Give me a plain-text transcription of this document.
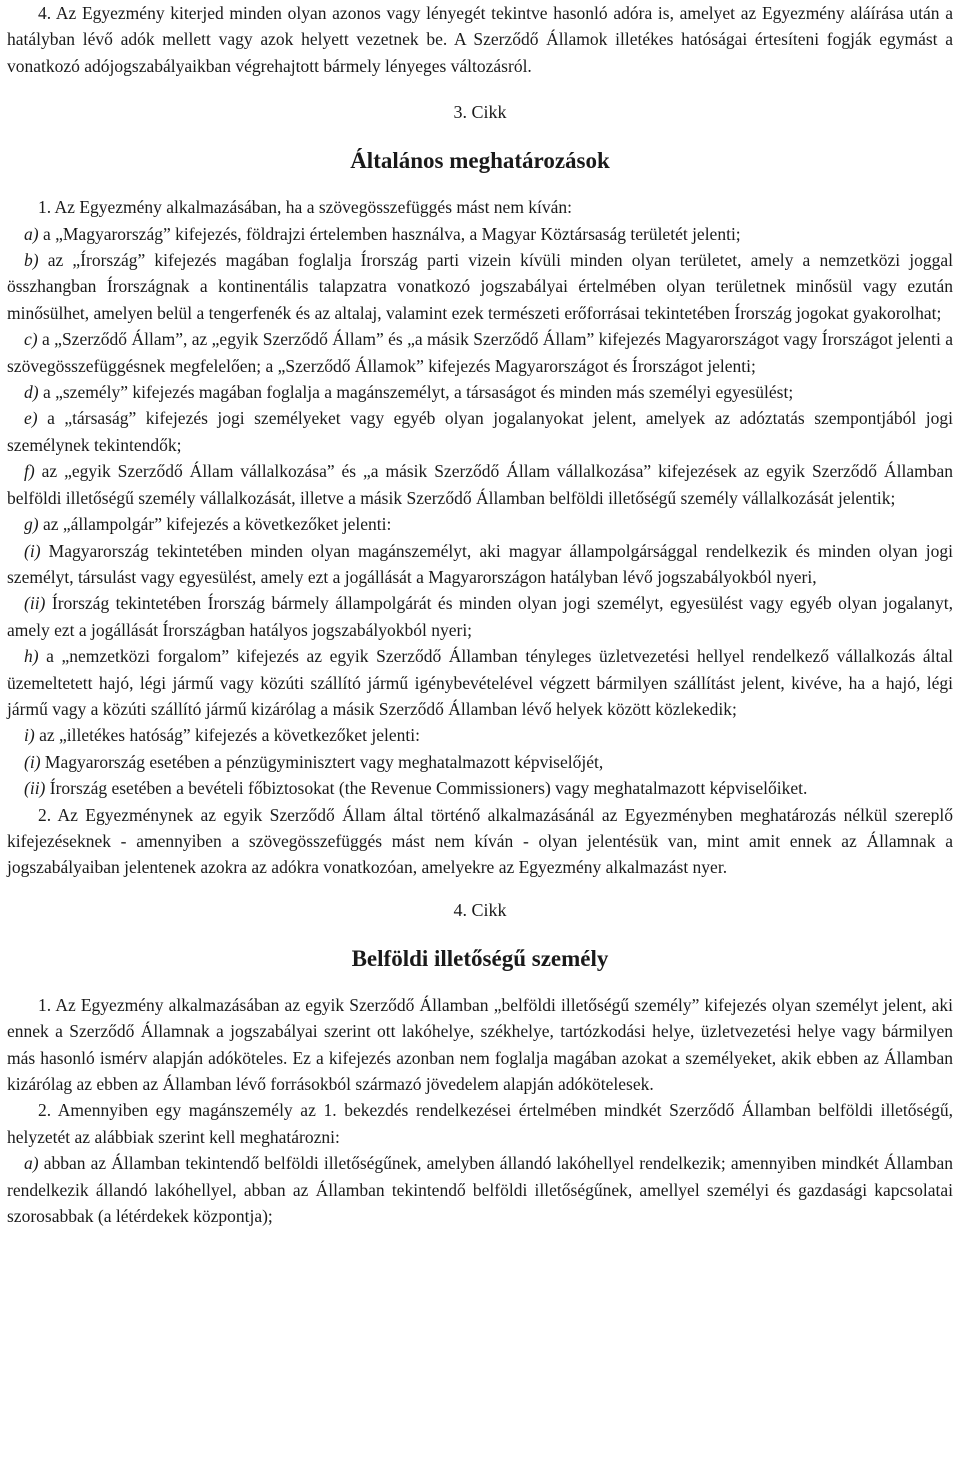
4. Az Egyezmény kiterjed minden olyan azonos vagy lényegét tekintve hasonló adóra is, amelyet az Egyezmény aláírása után a hatályban lévő adók mellett vagy azok helyett vezetnek be. A Szerződő Államok illetékes hatóságai értesíteni fogják egymást a vonatkozó adójogszabályaikban végrehajtott bármely lényeges változásról.

3. Cikk
Általános meghatározások

1. Az Egyezmény alkalmazásában, ha a szövegösszefüggés mást nem kíván:

a) a „Magyarország” kifejezés, földrajzi értelemben használva, a Magyar Köztársaság területét jelenti;

b) az „Írország” kifejezés magában foglalja Írország parti vizein kívüli minden olyan területet, amely a nemzetközi joggal összhangban Írországnak a kontinentális talapzatra vonatkozó jogszabályai értelmében olyan területnek minősül vagy ezután minősülhet, amelyen belül a tengerfenék és az altalaj, valamint ezek természeti erőforrásai tekintetében Írország jogokat gyakorolhat;

c) a „Szerződő Állam”, az „egyik Szerződő Állam” és „a másik Szerződő Állam” kifejezés Magyarországot vagy Írországot jelenti a szövegösszefüggésnek megfelelően; a „Szerződő Államok” kifejezés Magyarországot és Írországot jelenti;

d) a „személy” kifejezés magában foglalja a magánszemélyt, a társaságot és minden más személyi egyesülést;

e) a „társaság” kifejezés jogi személyeket vagy egyéb olyan jogalanyokat jelent, amelyek az adóztatás szempontjából jogi személynek tekintendők;

f) az „egyik Szerződő Állam vállalkozása” és „a másik Szerződő Állam vállalkozása” kifejezések az egyik Szerződő Államban belföldi illetőségű személy vállalkozását, illetve a másik Szerződő Államban belföldi illetőségű személy vállalkozását jelentik;

g) az „állampolgár” kifejezés a következőket jelenti:

(i) Magyarország tekintetében minden olyan magánszemélyt, aki magyar állampolgársággal rendelkezik és minden olyan jogi személyt, társulást vagy egyesülést, amely ezt a jogállását a Magyarországon hatályban lévő jogszabályokból nyeri,

(ii) Írország tekintetében Írország bármely állampolgárát és minden olyan jogi személyt, egyesülést vagy egyéb olyan jogalanyt, amely ezt a jogállását Írországban hatályos jogszabályokból nyeri;

h) a „nemzetközi forgalom” kifejezés az egyik Szerződő Államban tényleges üzletvezetési hellyel rendelkező vállalkozás által üzemeltetett hajó, légi jármű vagy közúti szállító jármű igénybevételével végzett bármilyen szállítást jelent, kivéve, ha a hajó, légi jármű vagy a közúti szállító jármű kizárólag a másik Szerződő Államban lévő helyek között közlekedik;

i) az „illetékes hatóság” kifejezés a következőket jelenti:

(i) Magyarország esetében a pénzügyminisztert vagy meghatalmazott képviselőjét,

(ii) Írország esetében a bevételi főbiztosokat (the Revenue Commissioners) vagy meghatalmazott képviselőiket.

2. Az Egyezménynek az egyik Szerződő Állam által történő alkalmazásánál az Egyezményben meghatározás nélkül szereplő kifejezéseknek - amennyiben a szövegösszefüggés mást nem kíván - olyan jelentésük van, mint amit ennek az Államnak a jogszabályaiban jelentenek azokra az adókra vonatkozóan, amelyekre az Egyezmény alkalmazást nyer.

4. Cikk
Belföldi illetőségű személy

1. Az Egyezmény alkalmazásában az egyik Szerződő Államban „belföldi illetőségű személy” kifejezés olyan személyt jelent, aki ennek a Szerződő Államnak a jogszabályai szerint ott lakóhelye, székhelye, tartózkodási helye, üzletvezetési helye vagy bármilyen más hasonló ismérv alapján adóköteles. Ez a kifejezés azonban nem foglalja magában azokat a személyeket, akik ebben az Államban kizárólag az ebben az Államban lévő forrásokból származó jövedelem alapján adókötelesek.

2. Amennyiben egy magánszemély az 1. bekezdés rendelkezései értelmében mindkét Szerződő Államban belföldi illetőségű, helyzetét az alábbiak szerint kell meghatározni:

a) abban az Államban tekintendő belföldi illetőségűnek, amelyben állandó lakóhellyel rendelkezik; amennyiben mindkét Államban rendelkezik állandó lakóhellyel, abban az Államban tekintendő belföldi illetőségűnek, amellyel személyi és gazdasági kapcsolatai szorosabbak (a létérdekek központja);
